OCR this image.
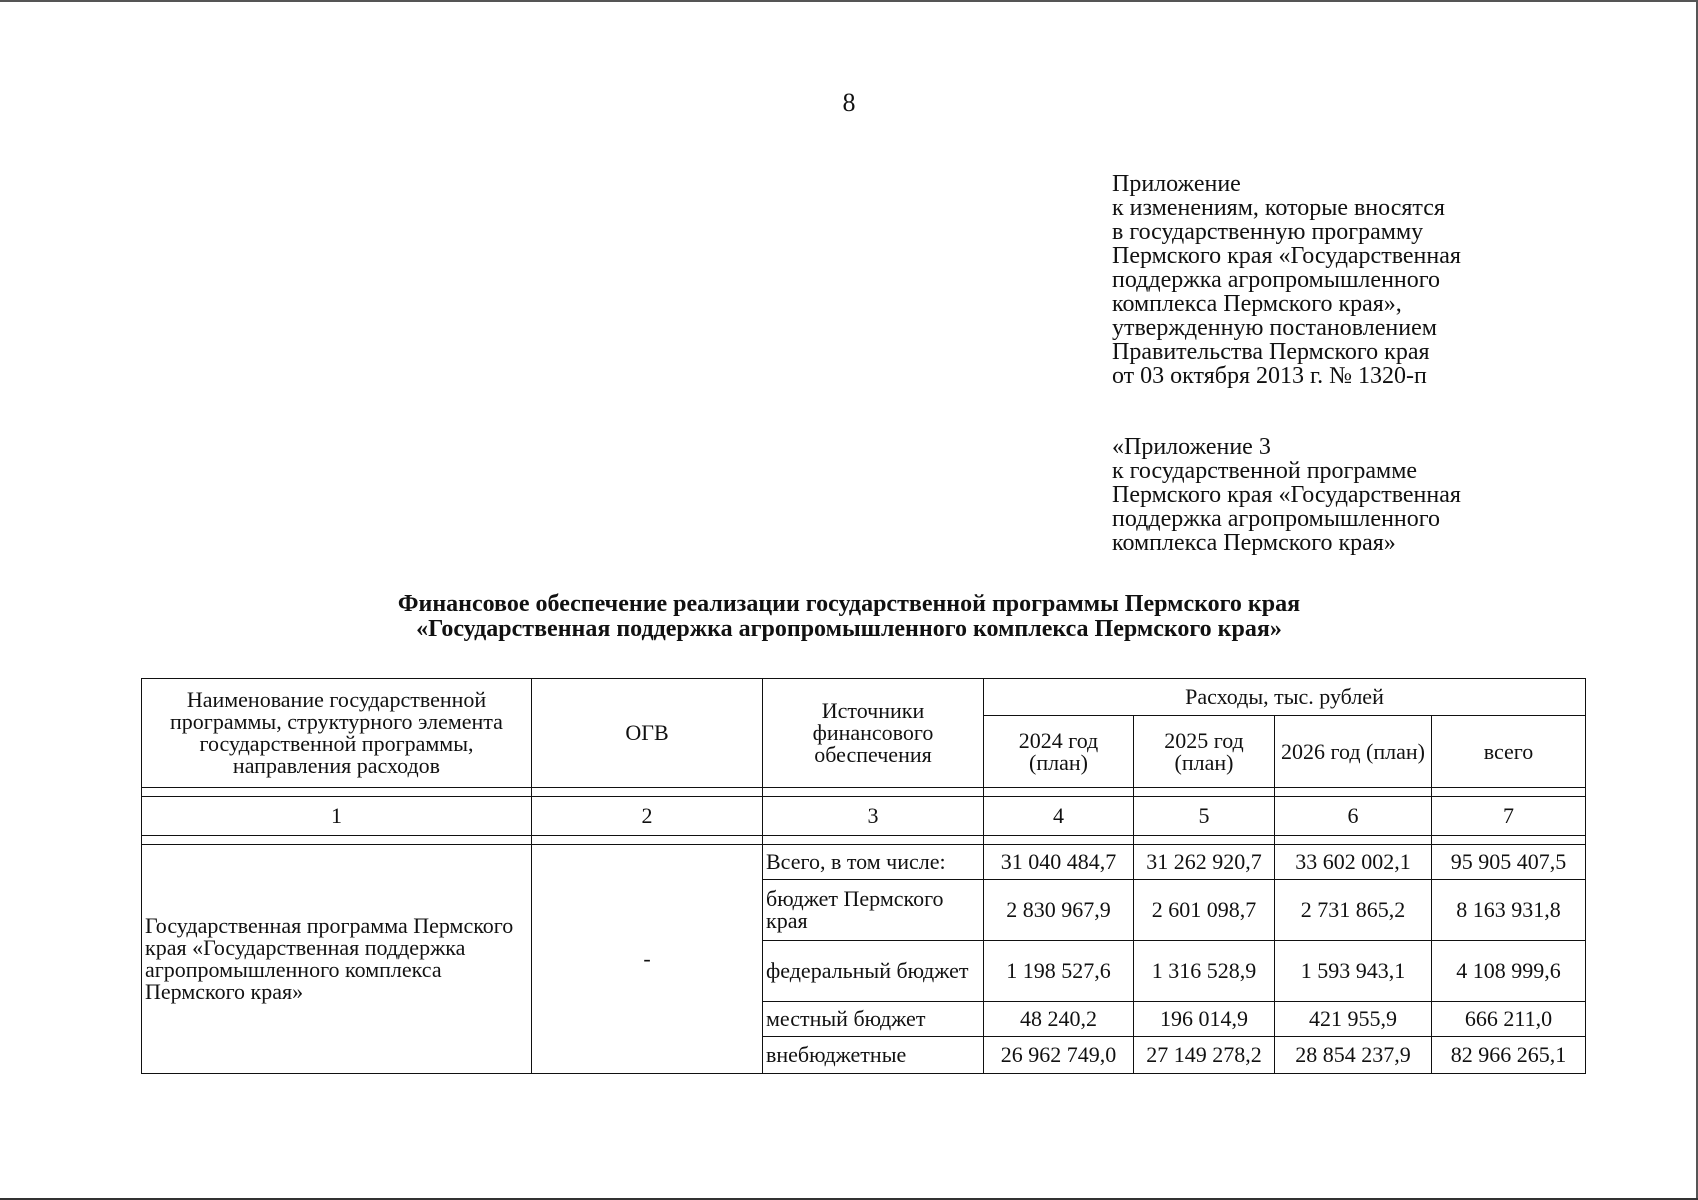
8
Приложение
к изменениям, которые вносятся
в государственную программу
Пермского края «Государственная
поддержка агропромышленного
комплекса Пермского края»,
утвержденную постановлением
Правительства Пермского края
от 03 октября 2013 г. № 1320-п
«Приложение 3
к государственной программе
Пермского края «Государственная
поддержка агропромышленного
комплекса Пермского края»
Финансовое обеспечение реализации государственной программы Пермского края
«Государственная поддержка агропромышленного комплекса Пермского края»
Наименование государственной программы, структурного элемента государственной программы, направления расходов	ОГВ	Источники финансового обеспечения	Расходы, тыс. рублей			
			2024 год (план)	2025 год (план)	2026 год (план)	всего

1	2	3	4	5	6	7

Государственная программа Пермского края «Государственная поддержка агропромышленного комплекса Пермского края»	-	Всего, в том числе:	31 040 484,7	31 262 920,7	33 602 002,1	95 905 407,5
		бюджет Пермского края	2 830 967,9	2 601 098,7	2 731 865,2	8 163 931,8
		федеральный бюджет	1 198 527,6	1 316 528,9	1 593 943,1	4 108 999,6
		местный бюджет	48 240,2	196 014,9	421 955,9	666 211,0
		внебюджетные	26 962 749,0	27 149 278,2	28 854 237,9	82 966 265,1
